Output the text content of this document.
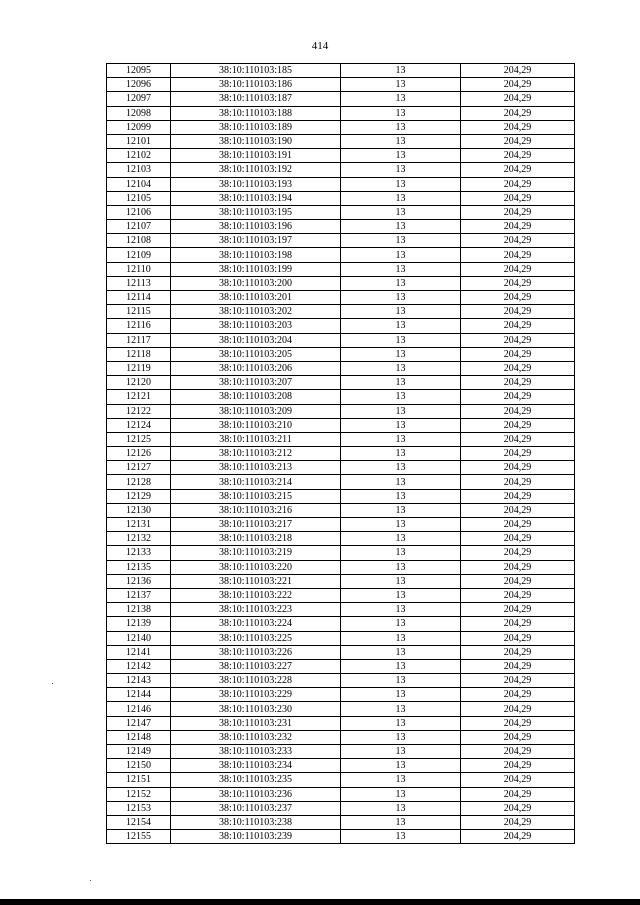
414
12095	38:10:110103:185	13	204,29
12096	38:10:110103:186	13	204,29
12097	38:10:110103:187	13	204,29
12098	38:10:110103:188	13	204,29
12099	38:10:110103:189	13	204,29
12101	38:10:110103:190	13	204,29
12102	38:10:110103:191	13	204,29
12103	38:10:110103:192	13	204,29
12104	38:10:110103:193	13	204,29
12105	38:10:110103:194	13	204,29
12106	38:10:110103:195	13	204,29
12107	38:10:110103:196	13	204,29
12108	38:10:110103:197	13	204,29
12109	38:10:110103:198	13	204,29
12110	38:10:110103:199	13	204,29
12113	38:10:110103:200	13	204,29
12114	38:10:110103:201	13	204,29
12115	38:10:110103:202	13	204,29
12116	38:10:110103:203	13	204,29
12117	38:10:110103:204	13	204,29
12118	38:10:110103:205	13	204,29
12119	38:10:110103:206	13	204,29
12120	38:10:110103:207	13	204,29
12121	38:10:110103:208	13	204,29
12122	38:10:110103:209	13	204,29
12124	38:10:110103:210	13	204,29
12125	38:10:110103:211	13	204,29
12126	38:10:110103:212	13	204,29
12127	38:10:110103:213	13	204,29
12128	38:10:110103:214	13	204,29
12129	38:10:110103:215	13	204,29
12130	38:10:110103:216	13	204,29
12131	38:10:110103:217	13	204,29
12132	38:10:110103:218	13	204,29
12133	38:10:110103:219	13	204,29
12135	38:10:110103:220	13	204,29
12136	38:10:110103:221	13	204,29
12137	38:10:110103:222	13	204,29
12138	38:10:110103:223	13	204,29
12139	38:10:110103:224	13	204,29
12140	38:10:110103:225	13	204,29
12141	38:10:110103:226	13	204,29
12142	38:10:110103:227	13	204,29
12143	38:10:110103:228	13	204,29
12144	38:10:110103:229	13	204,29
12146	38:10:110103:230	13	204,29
12147	38:10:110103:231	13	204,29
12148	38:10:110103:232	13	204,29
12149	38:10:110103:233	13	204,29
12150	38:10:110103:234	13	204,29
12151	38:10:110103:235	13	204,29
12152	38:10:110103:236	13	204,29
12153	38:10:110103:237	13	204,29
12154	38:10:110103:238	13	204,29
12155	38:10:110103:239	13	204,29
